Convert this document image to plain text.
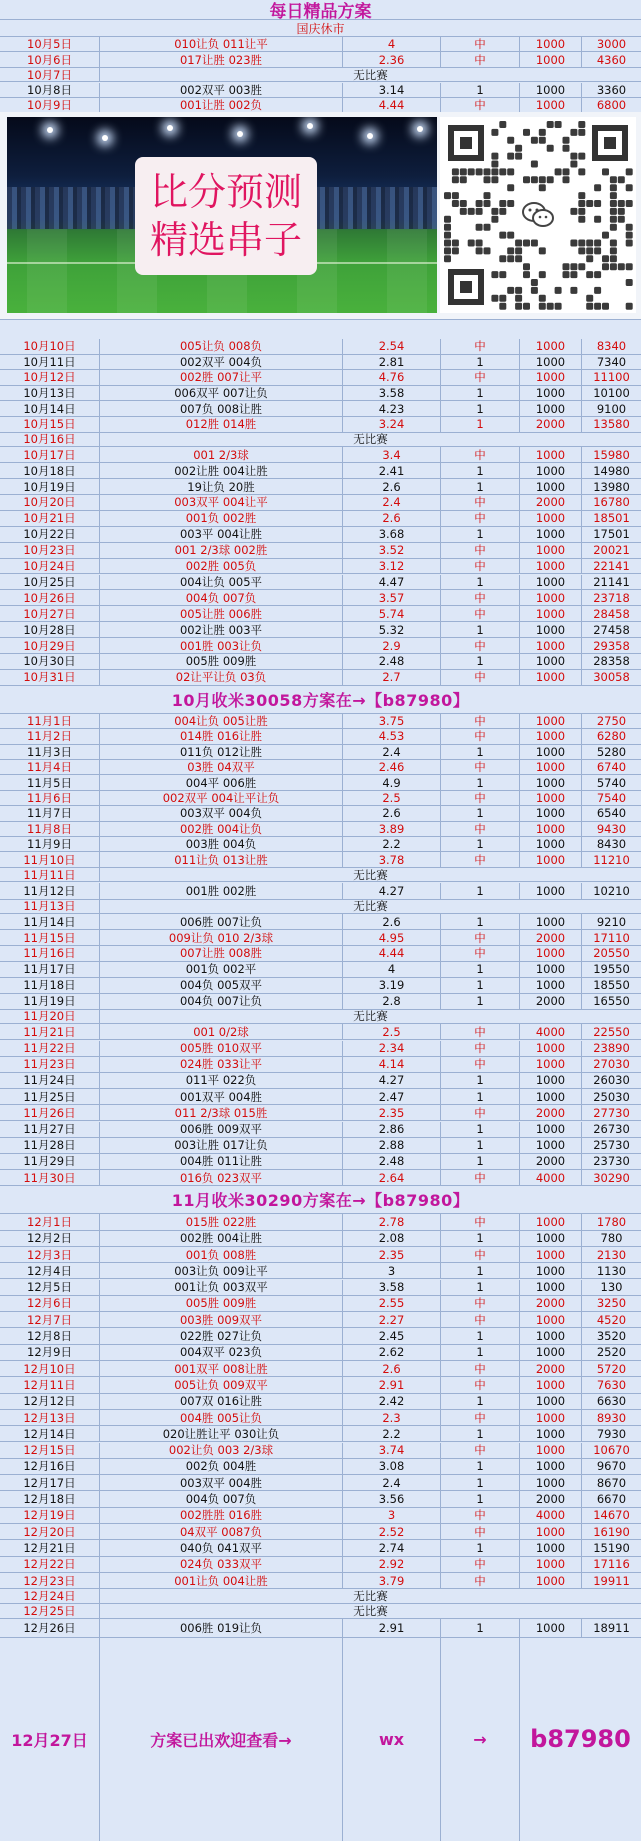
每日精品方案
国庆休市
10月5日	010让负 011让平	4	中	1000	3000
10月6日	017让胜 023胜	2.36	中	1000	4360
10月7日	无比赛
10月8日	002双平 003胜	3.14	1	1000	3360
10月9日	001让胜 002负	4.44	中	1000	6800
比分预测
精选串子
10月10日	005让负 008负	2.54	中	1000	8340
10月11日	002双平 004负	2.81	1	1000	7340
10月12日	002胜 007让平	4.76	中	1000	11100
10月13日	006双平 007让负	3.58	1	1000	10100
10月14日	007负 008让胜	4.23	1	1000	9100
10月15日	012胜 014胜	3.24	1	2000	13580
10月16日	无比赛
10月17日	001 2/3球	3.4	中	1000	15980
10月18日	002让胜 004让胜	2.41	1	1000	14980
10月19日	19让负 20胜	2.6	1	1000	13980
10月20日	003双平 004让平	2.4	中	2000	16780
10月21日	001负 002胜	2.6	中	1000	18501
10月22日	003平 004让胜	3.68	1	1000	17501
10月23日	001 2/3球 002胜	3.52	中	1000	20021
10月24日	002胜 005负	3.12	中	1000	22141
10月25日	004让负 005平	4.47	1	1000	21141
10月26日	004负 007负	3.57	中	1000	23718
10月27日	005让胜 006胜	5.74	中	1000	28458
10月28日	002让胜 003平	5.32	1	1000	27458
10月29日	001胜 003让负	2.9	中	1000	29358
10月30日	005胜 009胜	2.48	1	1000	28358
10月31日	02让平让负 03负	2.7	中	1000	30058
10月收米30058方案在→【b87980】
11月1日	004让负 005让胜	3.75	中	1000	2750
11月2日	014胜 016让胜	4.53	中	1000	6280
11月3日	011负 012让胜	2.4	1	1000	5280
11月4日	03胜 04双平	2.46	中	1000	6740
11月5日	004平 006胜	4.9	1	1000	5740
11月6日	002双平 004让平让负	2.5	中	1000	7540
11月7日	003双平 004负	2.6	1	1000	6540
11月8日	002胜 004让负	3.89	中	1000	9430
11月9日	003胜 004负	2.2	1	1000	8430
11月10日	011让负 013让胜	3.78	中	1000	11210
11月11日	无比赛
11月12日	001胜 002胜	4.27	1	1000	10210
11月13日	无比赛
11月14日	006胜 007让负	2.6	1	1000	9210
11月15日	009让负 010 2/3球	4.95	中	2000	17110
11月16日	007让胜 008胜	4.44	中	1000	20550
11月17日	001负 002平	4	1	1000	19550
11月18日	004负 005双平	3.19	1	1000	18550
11月19日	004负 007让负	2.8	1	2000	16550
11月20日	无比赛
11月21日	001 0/2球	2.5	中	4000	22550
11月22日	005胜 010双平	2.34	中	1000	23890
11月23日	024胜 033让平	4.14	中	1000	27030
11月24日	011平 022负	4.27	1	1000	26030
11月25日	001双平 004胜	2.47	1	1000	25030
11月26日	011 2/3球 015胜	2.35	中	2000	27730
11月27日	006胜 009双平	2.86	1	1000	26730
11月28日	003让胜 017让负	2.88	1	1000	25730
11月29日	004胜 011让胜	2.48	1	2000	23730
11月30日	016负 023双平	2.64	中	4000	30290
11月收米30290方案在→【b87980】
12月1日	015胜 022胜	2.78	中	1000	1780
12月2日	002胜 004让胜	2.08	1	1000	780
12月3日	001负 008胜	2.35	中	1000	2130
12月4日	003让负 009让平	3	1	1000	1130
12月5日	001让负 003双平	3.58	1	1000	130
12月6日	005胜 009胜	2.55	中	2000	3250
12月7日	003胜 009双平	2.27	中	1000	4520
12月8日	022胜 027让负	2.45	1	1000	3520
12月9日	004双平 023负	2.62	1	1000	2520
12月10日	001双平 008让胜	2.6	中	2000	5720
12月11日	005让负 009双平	2.91	中	1000	7630
12月12日	007双 016让胜	2.42	1	1000	6630
12月13日	004胜 005让负	2.3	中	1000	8930
12月14日	020让胜让平 030让负	2.2	1	1000	7930
12月15日	002让负 003 2/3球	3.74	中	1000	10670
12月16日	002负 004胜	3.08	1	1000	9670
12月17日	003双平 004胜	2.4	1	1000	8670
12月18日	004负 007负	3.56	1	2000	6670
12月19日	002胜胜 016胜	3	中	4000	14670
12月20日	04双平 0087负	2.52	中	1000	16190
12月21日	040负 041双平	2.74	1	1000	15190
12月22日	024负 033双平	2.92	中	1000	17116
12月23日	001让负 004让胜	3.79	中	1000	19911
12月24日	无比赛
12月25日	无比赛
12月26日	006胜 019让负	2.91	1	1000	18911
12月27日	方案已出欢迎查看→	wx	→	b87980
